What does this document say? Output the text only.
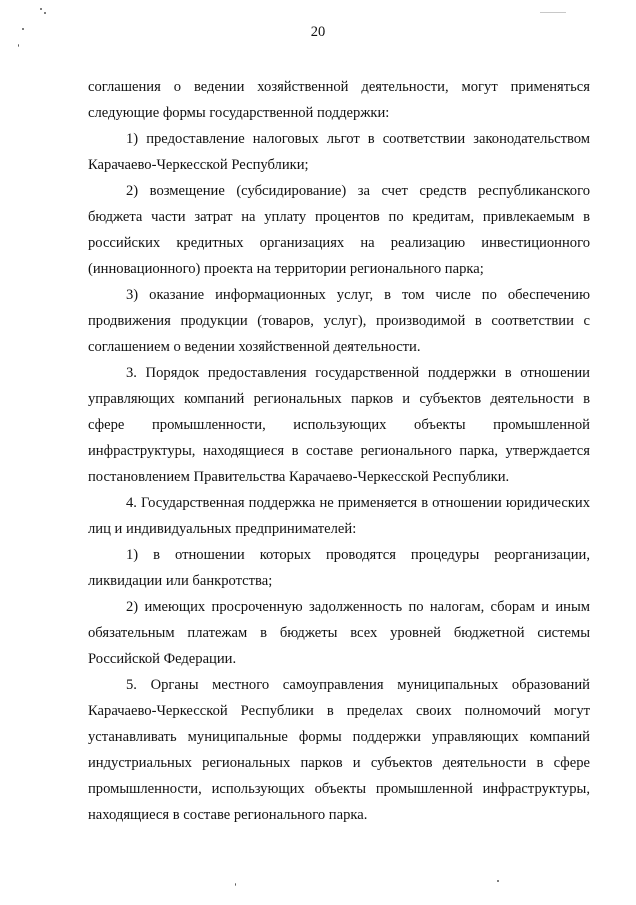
20

соглашения о ведении хозяйственной деятельности, могут применяться следующие формы государственной поддержки:

1) предоставление налоговых льгот в соответствии законодательством Карачаево-Черкесской Республики;

2) возмещение (субсидирование) за счет средств республиканского бюджета части затрат на уплату процентов по кредитам, привлекаемым в российских кредитных организациях на реализацию инвестиционного (инновационного) проекта на территории регионального парка;

3) оказание информационных услуг, в том числе по обеспечению продвижения продукции (товаров, услуг), производимой в соответствии с соглашением о ведении хозяйственной деятельности.

3. Порядок предоставления государственной поддержки в отношении управляющих компаний региональных парков и субъектов деятельности в сфере промышленности, использующих объекты промышленной инфраструктуры, находящиеся в составе регионального парка, утверждается постановлением Правительства Карачаево-Черкесской Республики.

4. Государственная поддержка не применяется в отношении юридических лиц и индивидуальных предпринимателей:

1) в отношении которых проводятся процедуры реорганизации, ликвидации или банкротства;

2) имеющих просроченную задолженность по налогам, сборам и иным обязательным платежам в бюджеты всех уровней бюджетной системы Российской Федерации.

5. Органы местного самоуправления муниципальных образований Карачаево-Черкесской Республики в пределах своих полномочий могут устанавливать муниципальные формы поддержки управляющих компаний индустриальных региональных парков и субъектов деятельности в сфере промышленности, использующих объекты промышленной инфраструктуры, находящиеся в составе регионального парка.
